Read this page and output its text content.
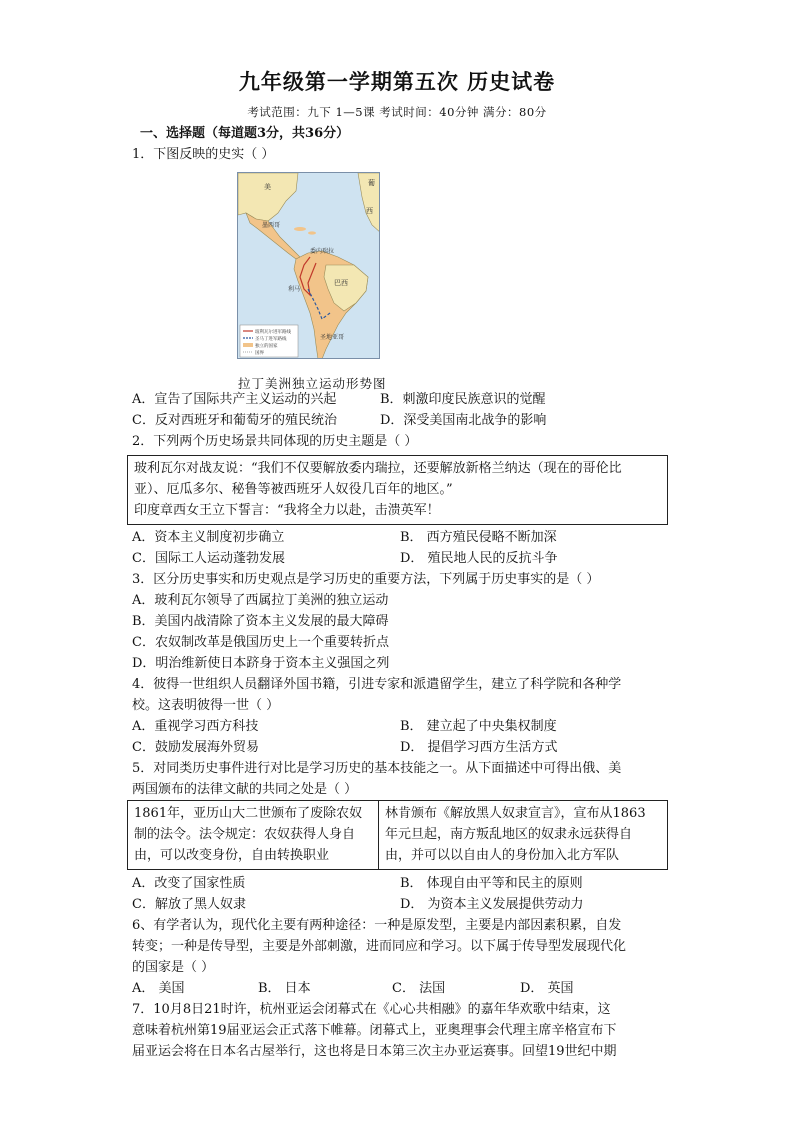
九年级第一学期第五次 历史试卷
考试范围：九下 1—5课 考试时间：40分钟 满分：80分
一、选择题（每道题3分，共36分）
1．下图反映的史实（ ）
美
墨西哥
委内瑞拉
利马
巴西
圣地亚哥
西
葡
玻利瓦尔进军路线
圣马丁进军路线
独立的国家
国界
拉丁美洲独立运动形势图
A．宣告了国际共产主义运动的兴起	B．刺激印度民族意识的觉醒
C．反对西班牙和葡萄牙的殖民统治	D．深受美国南北战争的影响
2．下列两个历史场景共同体现的历史主题是（ ）
玻利瓦尔对战友说：“我们不仅要解放委内瑞拉，还要解放新格兰纳达（现在的哥伦比
亚）、厄瓜多尔、秘鲁等被西班牙人奴役几百年的地区。”
印度章西女王立下誓言：“我将全力以赴，击溃英军！
A．资本主义制度初步确立	B． 西方殖民侵略不断加深
C．国际工人运动蓬勃发展	D． 殖民地人民的反抗斗争
3．区分历史事实和历史观点是学习历史的重要方法，下列属于历史事实的是（ ）
A．玻利瓦尔领导了西属拉丁美洲的独立运动
B．美国内战清除了资本主义发展的最大障碍
C．农奴制改革是俄国历史上一个重要转折点
D．明治维新使日本跻身于资本主义强国之列
4．彼得一世组织人员翻译外国书籍，引进专家和派遣留学生，建立了科学院和各种学
校。这表明彼得一世（ ）
A．重视学习西方科技	B． 建立起了中央集权制度
C．鼓励发展海外贸易	D． 提倡学习西方生活方式
5．对同类历史事件进行对比是学习历史的基本技能之一。从下面描述中可得出俄、美
两国颁布的法律文献的共同之处是（ ）
1861年，亚历山大二世颁布了废除农奴
制的法令。法令规定：农奴获得人身自
由，可以改变身份，自由转换职业
林肯颁布《解放黑人奴隶宣言》，宣布从1863
年元旦起，南方叛乱地区的奴隶永远获得自
由，并可以以自由人的身份加入北方军队
A．改变了国家性质	B． 体现自由平等和民主的原则
C．解放了黑人奴隶	D． 为资本主义发展提供劳动力
6、有学者认为，现代化主要有两种途径：一种是原发型，主要是内部因素积累，自发
转变；一种是传导型，主要是外部刺激，进而同应和学习。以下属于传导型发展现代化
的国家是（ ）
A． 美国	B． 日本	C． 法国	D． 英国
7．10月8日21时许，杭州亚运会闭幕式在《心心共相融》的嘉年华欢歌中结束，这
意味着杭州第19届亚运会正式落下帷幕。闭幕式上，亚奥理事会代理主席辛格宣布下
届亚运会将在日本名古屋举行，这也将是日本第三次主办亚运赛事。回望19世纪中期
